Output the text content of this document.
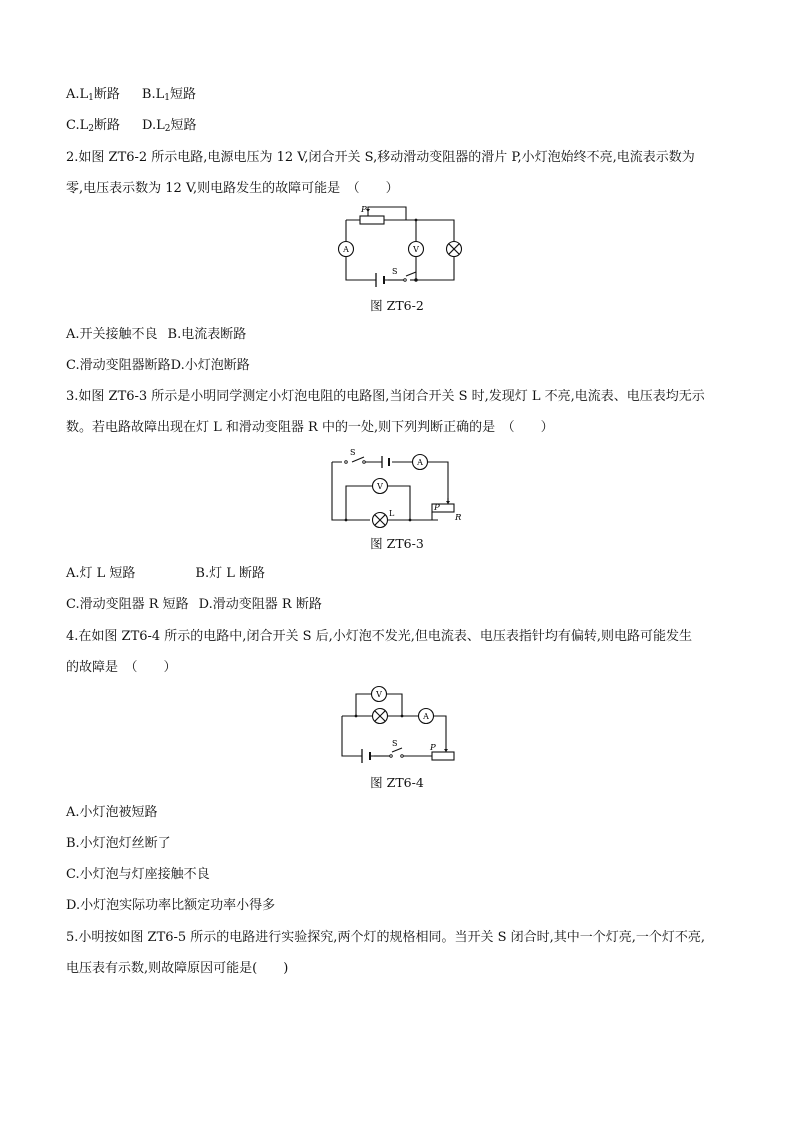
$A.L_1$断路 $B.L_1$短路
$C.L_2$断路 $D.L_2$短路
2.如图 ZT6-2 所示电路,电源电压为 12 V,闭合开关 S,移动滑动变阻器的滑片 P,小灯泡始终不亮,电流表示数为
零,电压表示数为 12 V,则电路发生的故障可能是　（　　）
P
A	V
S
图 ZT6-2
A.开关接触不良 B.电流表断路
C.滑动变阻器断路D.小灯泡断路
3.如图 ZT6-3 所示是小明同学测定小灯泡电阻的电路图,当闭合开关 S 时,发现灯 L 不亮,电流表、电压表均无示
数。若电路故障出现在灯 L 和滑动变阻器 R 中的一处,则下列判断正确的是　（　　）
S
A
V
L
P
R
图 ZT6-3
A.灯 L 短路	B.灯 L 断路
C.滑动变阻器 R 短路 D.滑动变阻器 R 断路
4.在如图 ZT6-4 所示的电路中,闭合开关 S 后,小灯泡不发光,但电流表、电压表指针均有偏转,则电路可能发生
的故障是　（　　）
V
A
S	P
图 ZT6-4
A.小灯泡被短路
B.小灯泡灯丝断了
C.小灯泡与灯座接触不良
D.小灯泡实际功率比额定功率小得多
5.小明按如图 ZT6-5 所示的电路进行实验探究,两个灯的规格相同。当开关 S 闭合时,其中一个灯亮,一个灯不亮,
电压表有示数,则故障原因可能是(　　)
